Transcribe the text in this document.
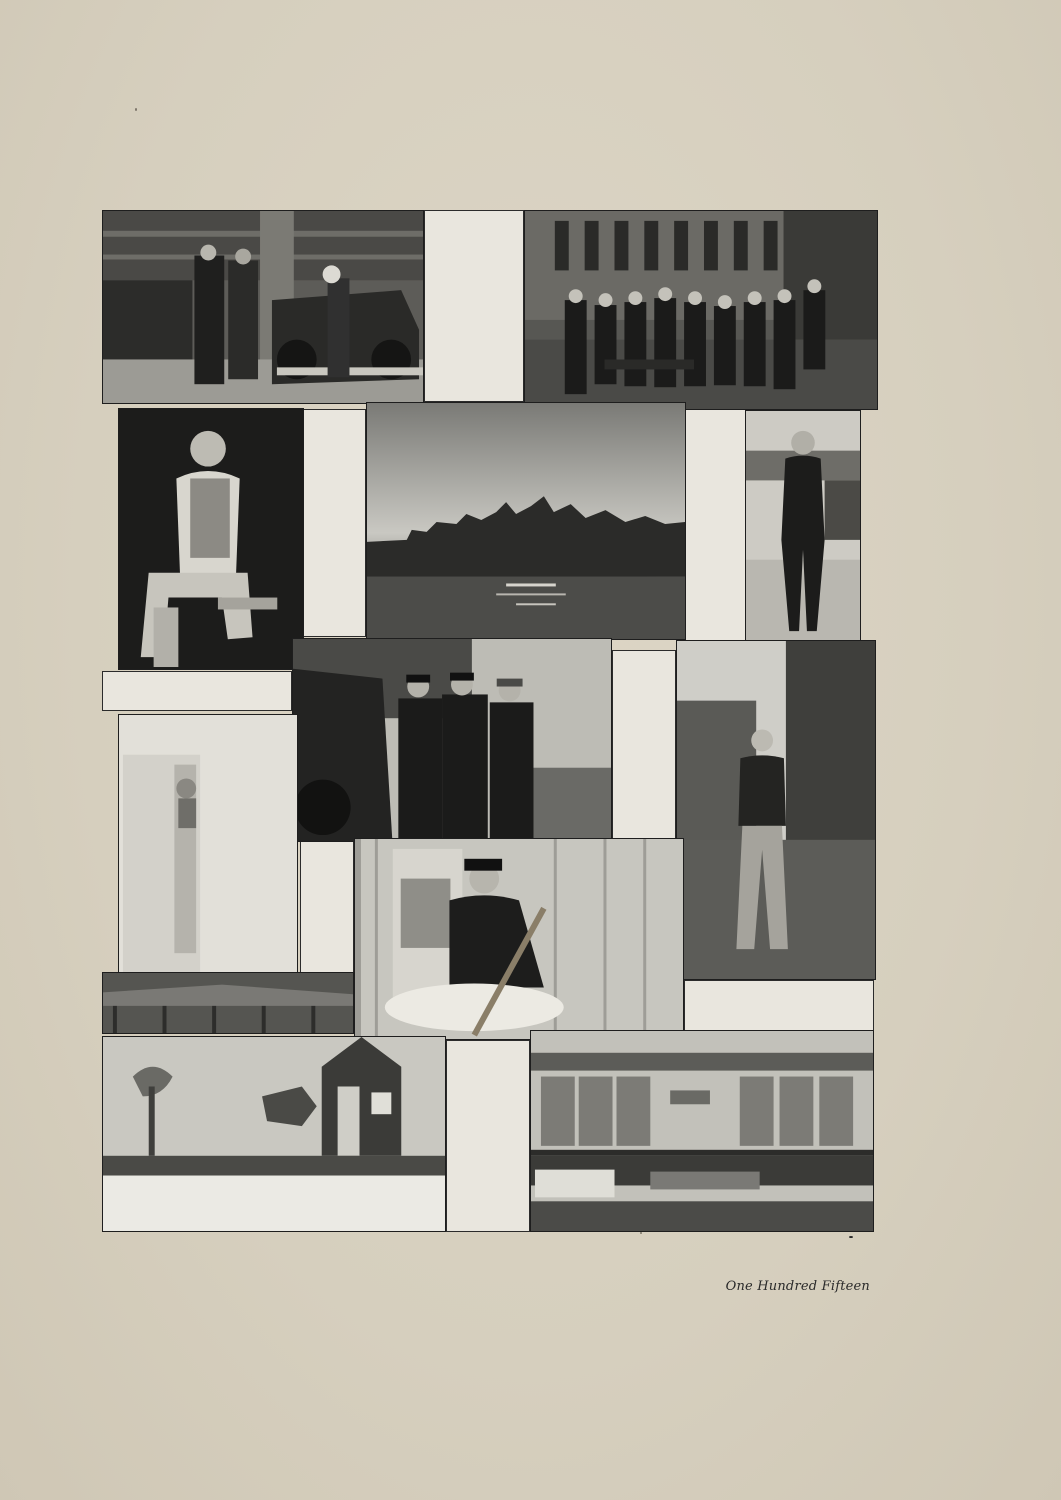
One Hundred Fifteen
